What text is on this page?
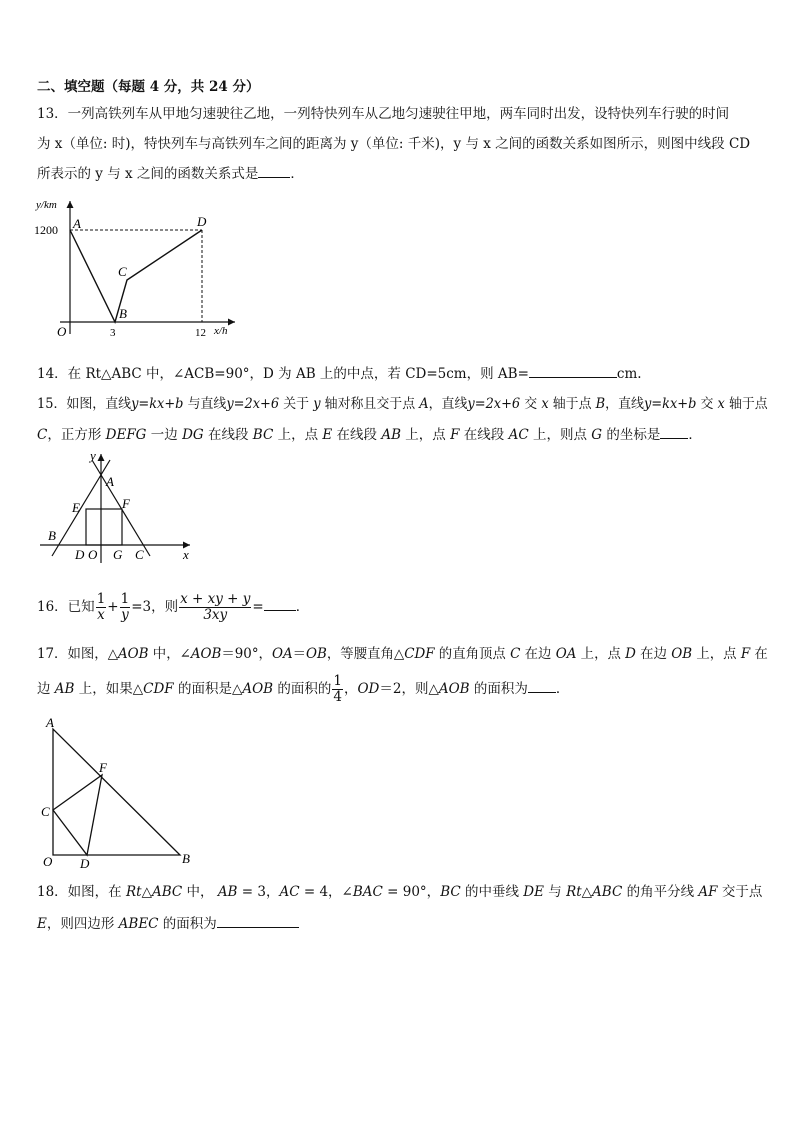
二、填空题（每题 4 分，共 24 分）
13．一列高铁列车从甲地匀速驶往乙地，一列特快列车从乙地匀速驶往甲地，两车同时出发，设特快列车行驶的时间
为 x（单位: 时)，特快列车与高铁列车之间的距离为 y（单位: 千米)，y 与 x 之间的函数关系如图所示，则图中线段 CD
所表示的 y 与 x 之间的函数关系式是 ．
y/km
x/h
O
1200
3	12
A
B
C
D
14．在 Rt△ABC 中，∠ACB=90°，D 为 AB 上的中点，若 CD=5cm，则 AB=	cm.
15．如图，直线y=kx+b 与直线y=2x+6 关于 y 轴对称且交于点 A，直线y=2x+6 交 x 轴于点 B，直线y=kx+b 交 x 轴于点
C，正方形 DEFG 一边 DG 在线段 BC 上，点 E 在线段 AB 上，点 F 在线段 AC 上，则点 G 的坐标是 ．
y
x
A
B
C
D
E	F
G
O
16．已知 $\frac{1}{x} + \frac{1}{y} =3$，则 $\frac{x + xy + y}{3xy}$ = ．
17．如图，△AOB 中，∠AOB＝90°，OA＝OB，等腰直角△CDF 的直角顶点 C 在边 OA 上，点 D 在边 OB 上，点 F 在
边 AB 上，如果△CDF 的面积是△AOB 的面积的 $\frac{1}{4}$ ，OD＝2，则△AOB 的面积为 ．
A
B
C
D
F
O
18．如图，在 Rt△ABC 中， AB = 3，AC = 4，∠BAC = 90°，BC 的中垂线 DE 与 Rt△ABC 的角平分线 AF 交于点
E，则四边形 ABEC 的面积为
